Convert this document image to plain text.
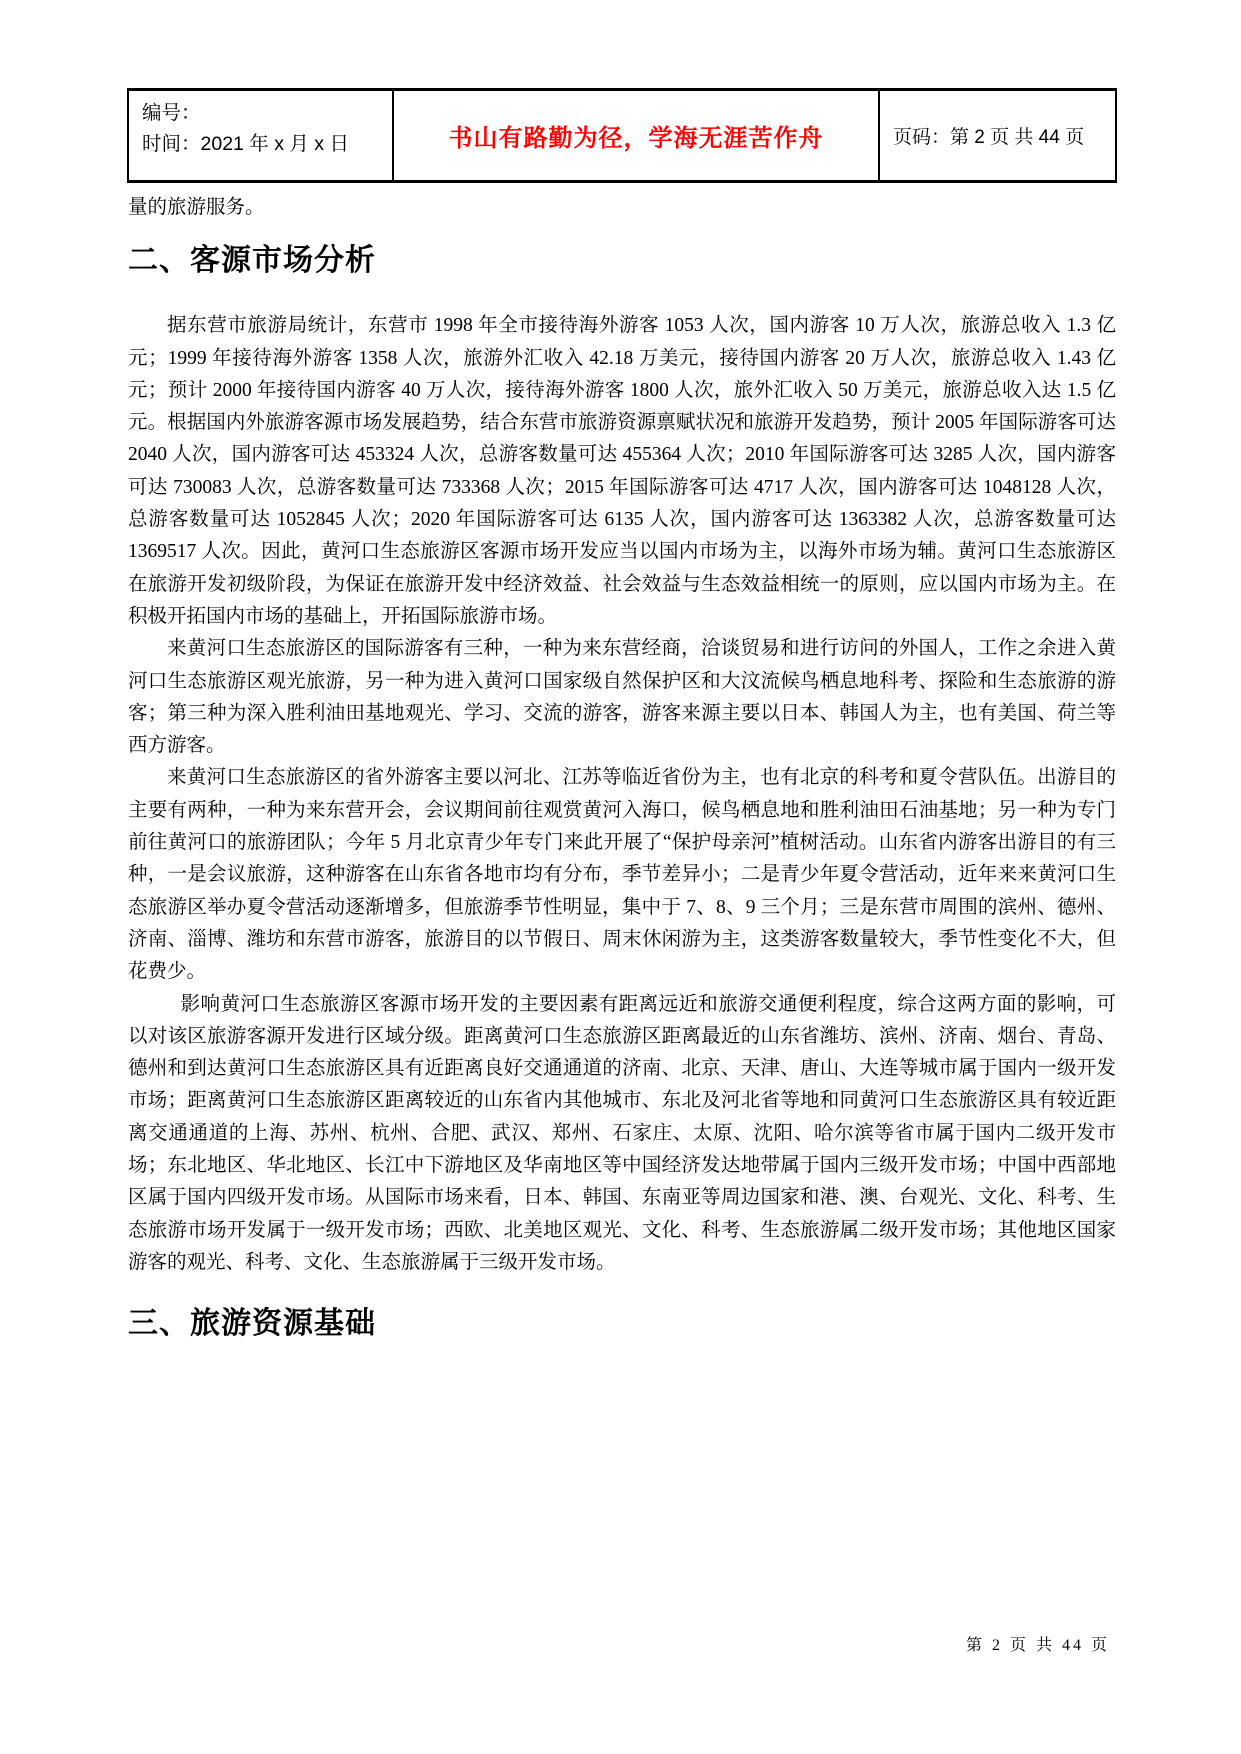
编号：
时间：2021 年 x 月 x 日	书山有路勤为径，学海无涯苦作舟	页码：第 2 页 共 44 页

量的旅游服务。

二、客源市场分析

据东营市旅游局统计，东营市 1998 年全市接待海外游客 1053 人次，国内游客 10 万人次，旅游总收入 1.3 亿元；1999 年接待海外游客 1358 人次，旅游外汇收入 42.18 万美元，接待国内游客 20 万人次，旅游总收入 1.43 亿元；预计 2000 年接待国内游客 40 万人次，接待海外游客 1800 人次，旅外汇收入 50 万美元，旅游总收入达 1.5 亿元。根据国内外旅游客源市场发展趋势，结合东营市旅游资源禀赋状况和旅游开发趋势，预计 2005 年国际游客可达 2040 人次，国内游客可达 453324 人次，总游客数量可达 455364 人次；2010 年国际游客可达 3285 人次，国内游客可达 730083 人次，总游客数量可达 733368 人次；2015 年国际游客可达 4717 人次，国内游客可达 1048128 人次，总游客数量可达 1052845 人次；2020 年国际游客可达 6135 人次，国内游客可达 1363382 人次，总游客数量可达 1369517 人次。因此，黄河口生态旅游区客源市场开发应当以国内市场为主，以海外市场为辅。黄河口生态旅游区在旅游开发初级阶段，为保证在旅游开发中经济效益、社会效益与生态效益相统一的原则，应以国内市场为主。在积极开拓国内市场的基础上，开拓国际旅游市场。

来黄河口生态旅游区的国际游客有三种，一种为来东营经商，洽谈贸易和进行访问的外国人，工作之余进入黄河口生态旅游区观光旅游，另一种为进入黄河口国家级自然保护区和大汶流候鸟栖息地科考、探险和生态旅游的游客；第三种为深入胜利油田基地观光、学习、交流的游客，游客来源主要以日本、韩国人为主，也有美国、荷兰等西方游客。

来黄河口生态旅游区的省外游客主要以河北、江苏等临近省份为主，也有北京的科考和夏令营队伍。出游目的主要有两种，一种为来东营开会，会议期间前往观赏黄河入海口，候鸟栖息地和胜利油田石油基地；另一种为专门前往黄河口的旅游团队；今年 5 月北京青少年专门来此开展了“保护母亲河”植树活动。山东省内游客出游目的有三种，一是会议旅游，这种游客在山东省各地市均有分布，季节差异小；二是青少年夏令营活动，近年来来黄河口生态旅游区举办夏令营活动逐渐增多，但旅游季节性明显，集中于 7、8、9 三个月；三是东营市周围的滨州、德州、济南、淄博、潍坊和东营市游客，旅游目的以节假日、周末休闲游为主，这类游客数量较大，季节性变化不大，但花费少。

影响黄河口生态旅游区客源市场开发的主要因素有距离远近和旅游交通便利程度，综合这两方面的影响，可以对该区旅游客源开发进行区域分级。距离黄河口生态旅游区距离最近的山东省潍坊、滨州、济南、烟台、青岛、德州和到达黄河口生态旅游区具有近距离良好交通通道的济南、北京、天津、唐山、大连等城市属于国内一级开发市场；距离黄河口生态旅游区距离较近的山东省内其他城市、东北及河北省等地和同黄河口生态旅游区具有较近距离交通通道的上海、苏州、杭州、合肥、武汉、郑州、石家庄、太原、沈阳、哈尔滨等省市属于国内二级开发市场；东北地区、华北地区、长江中下游地区及华南地区等中国经济发达地带属于国内三级开发市场；中国中西部地区属于国内四级开发市场。从国际市场来看，日本、韩国、东南亚等周边国家和港、澳、台观光、文化、科考、生态旅游市场开发属于一级开发市场；西欧、北美地区观光、文化、科考、生态旅游属二级开发市场；其他地区国家游客的观光、科考、文化、生态旅游属于三级开发市场。

三、旅游资源基础
第 2 页 共 44 页
